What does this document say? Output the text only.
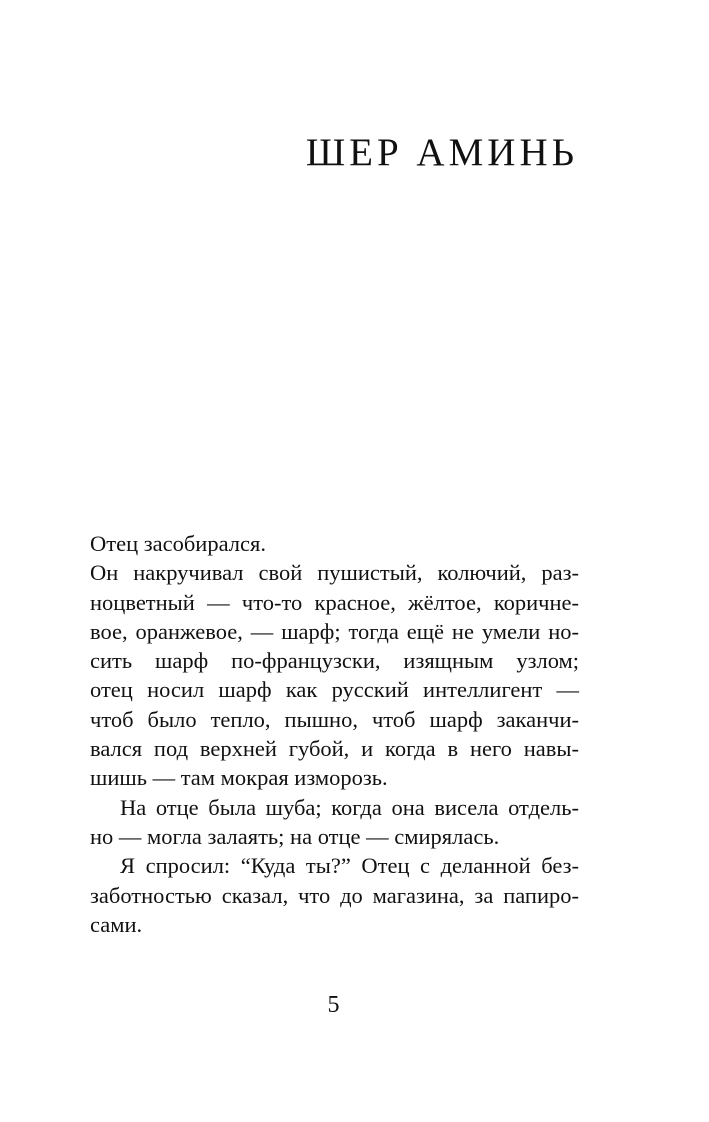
ШЕР АМИНЬ

Отец засобирался.

Он накручивал свой пушистый, колючий, раз-
ноцветный — что-то красное, жёлтое, коричне-
вое, оранжевое, — шарф; тогда ещё не умели но-
сить шарф по-французски, изящным узлом;
отец носил шарф как русский интеллигент —
чтоб было тепло, пышно, чтоб шарф заканчи-
вался под верхней губой, и когда в него навы-
шишь — там мокрая изморозь.

На отце была шуба; когда она висела отдель-
но — могла залаять; на отце — смирялась.

Я спросил: “Куда ты?” Отец с деланной без-
заботностью сказал, что до магазина, за папиро-
сами.

5
